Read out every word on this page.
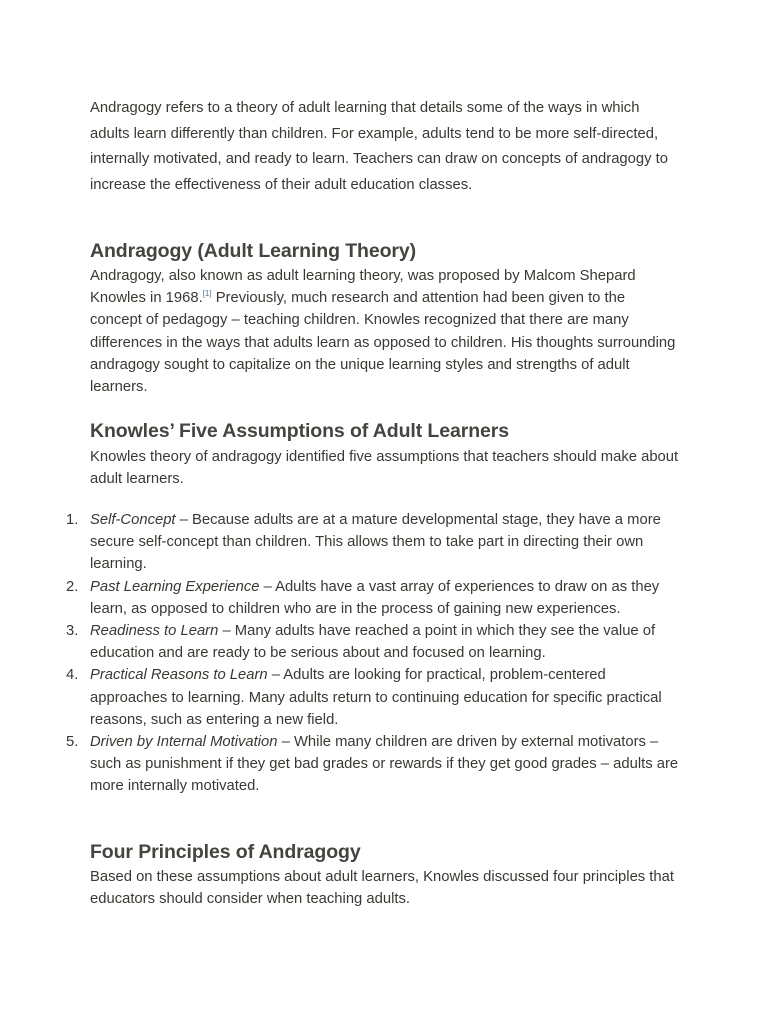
Andragogy refers to a theory of adult learning that details some of the ways in which adults learn differently than children. For example, adults tend to be more self-directed, internally motivated, and ready to learn. Teachers can draw on concepts of andragogy to increase the effectiveness of their adult education classes.

Andragogy (Adult Learning Theory)

Andragogy, also known as adult learning theory, was proposed by Malcom Shepard Knowles in 1968.[1] Previously, much research and attention had been given to the concept of pedagogy – teaching children. Knowles recognized that there are many differences in the ways that adults learn as opposed to children. His thoughts surrounding andragogy sought to capitalize on the unique learning styles and strengths of adult learners.

Knowles’ Five Assumptions of Adult Learners

Knowles theory of andragogy identified five assumptions that teachers should make about adult learners.

1. Self-Concept – Because adults are at a mature developmental stage, they have a more secure self-concept than children. This allows them to take part in directing their own learning.
2. Past Learning Experience – Adults have a vast array of experiences to draw on as they learn, as opposed to children who are in the process of gaining new experiences.
3. Readiness to Learn – Many adults have reached a point in which they see the value of education and are ready to be serious about and focused on learning.
4. Practical Reasons to Learn – Adults are looking for practical, problem-centered approaches to learning. Many adults return to continuing education for specific practical reasons, such as entering a new field.
5. Driven by Internal Motivation – While many children are driven by external motivators – such as punishment if they get bad grades or rewards if they get good grades – adults are more internally motivated.
Four Principles of Andragogy

Based on these assumptions about adult learners, Knowles discussed four principles that educators should consider when teaching adults.
